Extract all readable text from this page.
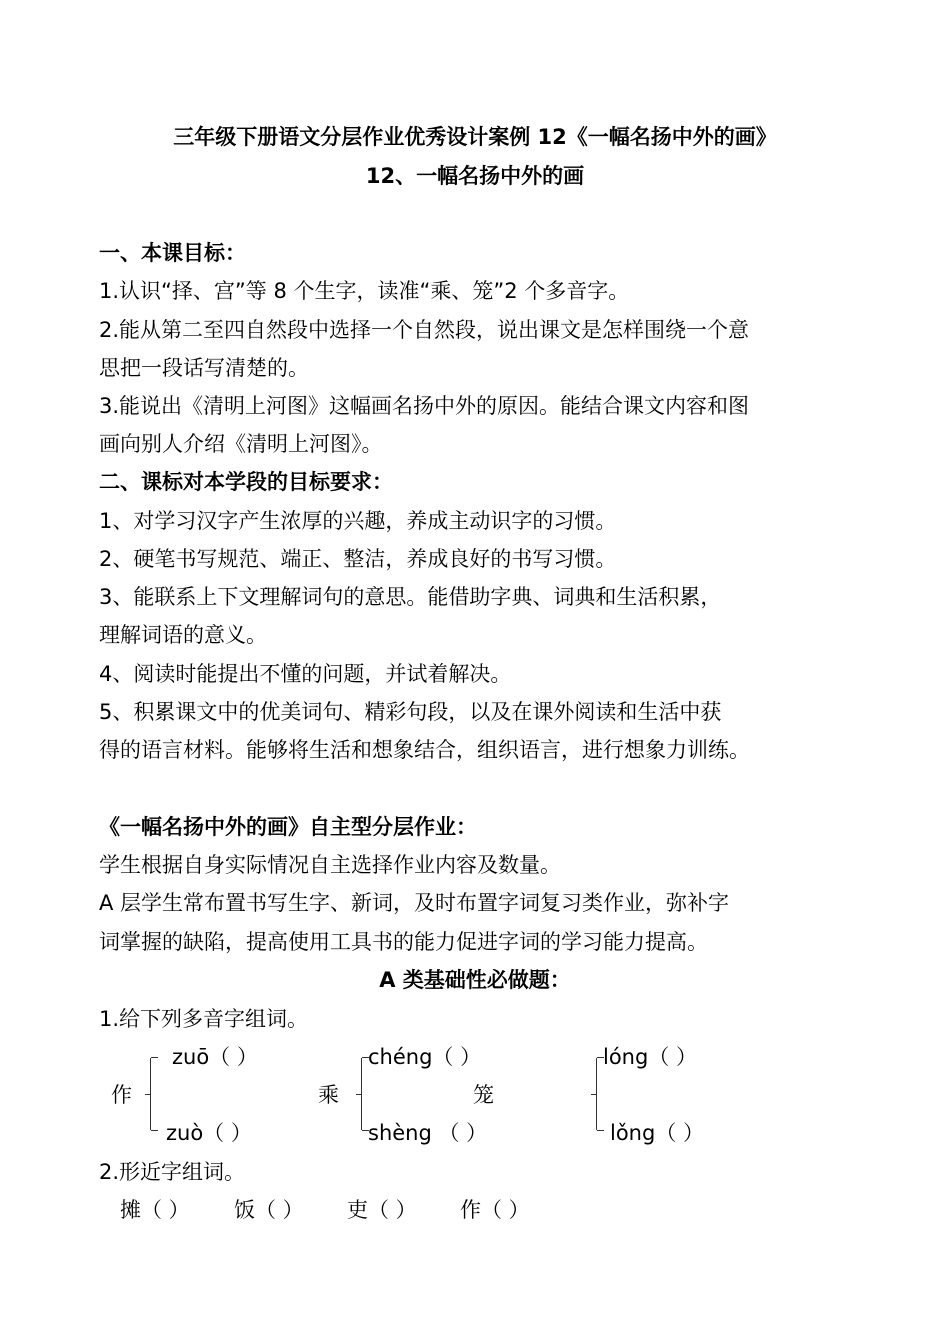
三年级下册语文分层作业优秀设计案例 12《一幅名扬中外的画》
12、一幅名扬中外的画
一、本课目标：
1.认识“择、宫”等 8 个生字，读准“乘、笼”2 个多音字。
2.能从第二至四自然段中选择一个自然段，说出课文是怎样围绕一个意
思把一段话写清楚的。
3.能说出《清明上河图》这幅画名扬中外的原因。能结合课文内容和图
画向别人介绍《清明上河图》。
二、课标对本学段的目标要求：
1、对学习汉字产生浓厚的兴趣，养成主动识字的习惯。
2、硬笔书写规范、端正、整洁，养成良好的书写习惯。
3、能联系上下文理解词句的意思。能借助字典、词典和生活积累，
理解词语的意义。
4、阅读时能提出不懂的问题，并试着解决。
5、积累课文中的优美词句、精彩句段，以及在课外阅读和生活中获
得的语言材料。能够将生活和想象结合，组织语言，进行想象力训练。
《一幅名扬中外的画》自主型分层作业：
学生根据自身实际情况自主选择作业内容及数量。
A 层学生常布置书写生字、新词，及时布置字词复习类作业，弥补字
词掌握的缺陷，提高使用工具书的能力促进字词的学习能力提高。
A 类基础性必做题：
1.给下列多音字组词。
作
zuō（ ）
zuò（ ）
乘
chéng（ ）
shèng （ ）
笼
lóng（ ）
lǒng（ ）
2.形近字组词。
摊（ ） 饭（ ） 吏（ ） 作（ ）
